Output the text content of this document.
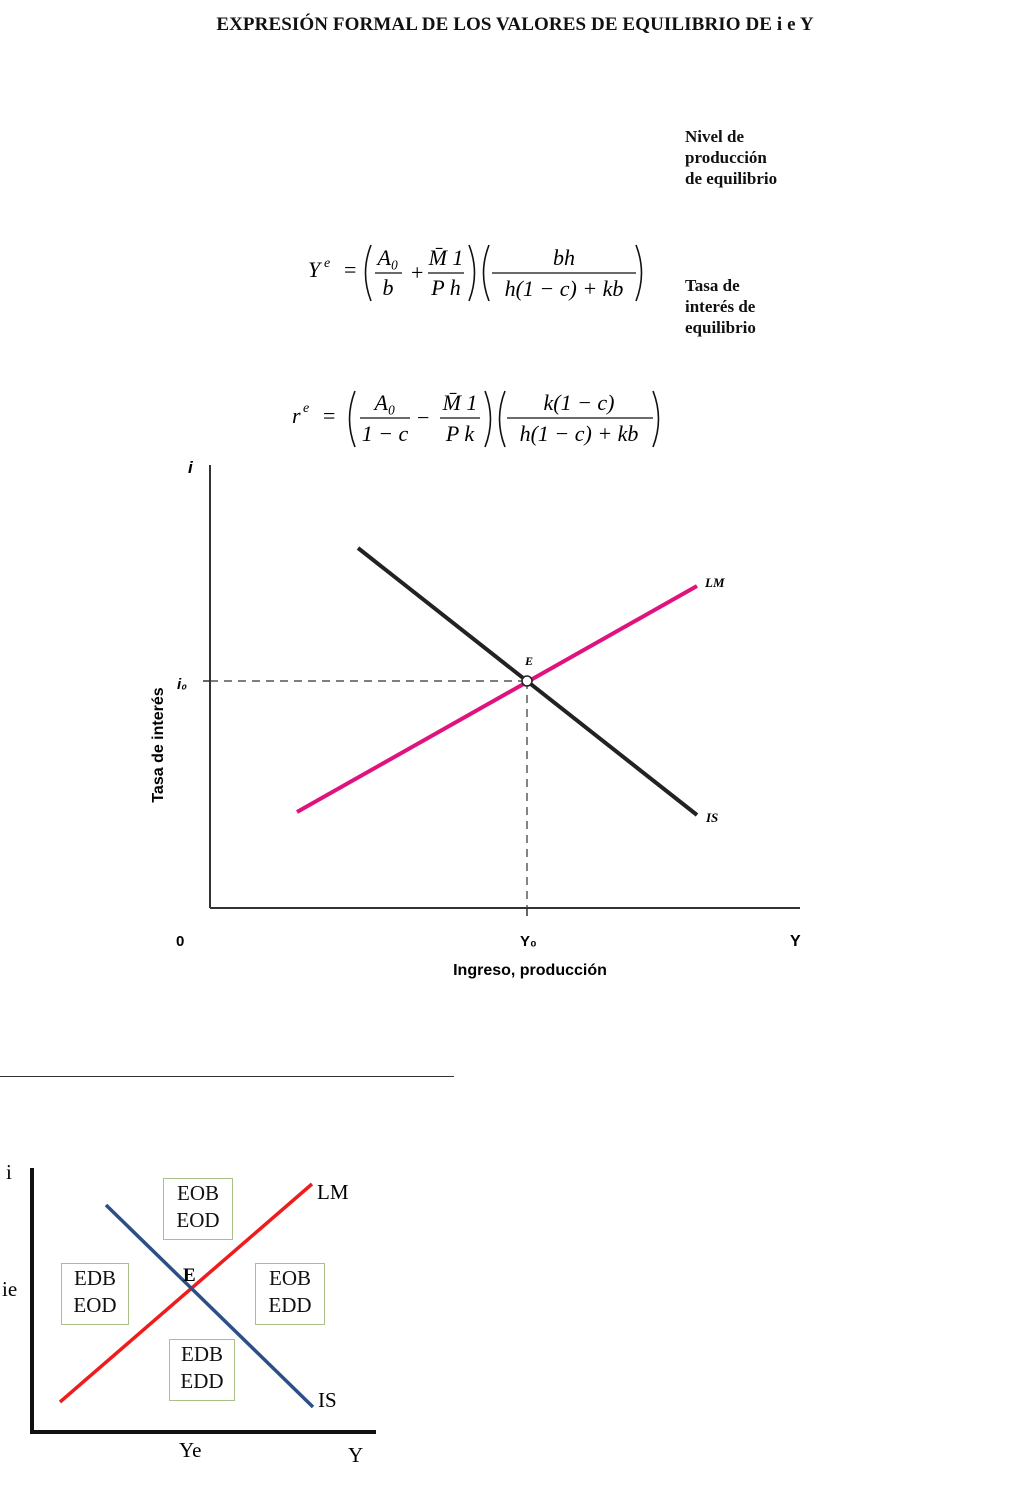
EXPRESIÓN FORMAL DE LOS VALORES DE EQUILIBRIO DE i e Y
Y e = A₀
b
+
M̄ 1
P h
bh
h(1 − c) + kb
r e =
A₀
1 − c
−
M̄ 1
P k
k(1 − c)
h(1 − c) + kb
Nivel de
producción
de equilibrio
Tasa de
interés de
equilibrio
i
i₀
Tasa de interés
0	Y₀	Y
Ingreso, producción
LM
IS
E
i
ie
Ye	Y
LM
IS
E
EOB
EOD
EDB
EOD
EOB
EDD
EDB
EDD
